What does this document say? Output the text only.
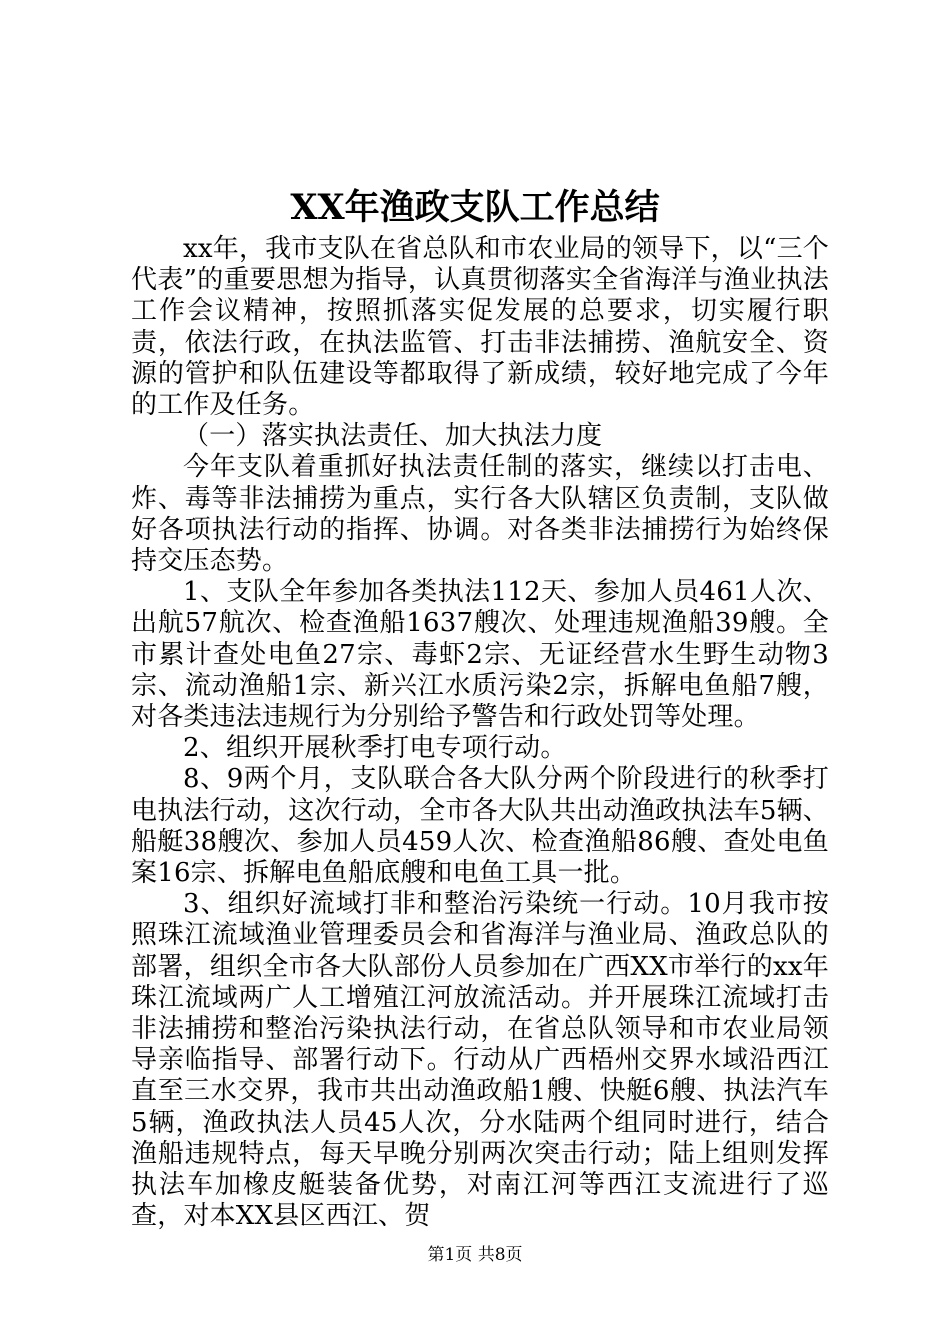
XX年渔政支队工作总结

xx年，我市支队在省总队和市农业局的领导下，以“三个代表”的重要思想为指导，认真贯彻落实全省海洋与渔业执法工作会议精神，按照抓落实促发展的总要求，切实履行职责，依法行政，在执法监管、打击非法捕捞、渔航安全、资源的管护和队伍建设等都取得了新成绩，较好地完成了今年的工作及任务。

（一）落实执法责任、加大执法力度

今年支队着重抓好执法责任制的落实，继续以打击电、炸、毒等非法捕捞为重点，实行各大队辖区负责制，支队做好各项执法行动的指挥、协调。对各类非法捕捞行为始终保持交压态势。

1、支队全年参加各类执法112天、参加人员461人次、出航57航次、检查渔船1637艘次、处理违规渔船39艘。全市累计查处电鱼27宗、毒虾2宗、无证经营水生野生动物3宗、流动渔船1宗、新兴江水质污染2宗，拆解电鱼船7艘，对各类违法违规行为分别给予警告和行政处罚等处理。

2、组织开展秋季打电专项行动。

8、9两个月，支队联合各大队分两个阶段进行的秋季打电执法行动，这次行动，全市各大队共出动渔政执法车5辆、船艇38艘次、参加人员459人次、检查渔船86艘、查处电鱼案16宗、拆解电鱼船底艘和电鱼工具一批。

3、组织好流域打非和整治污染统一行动。10月我市按照珠江流域渔业管理委员会和省海洋与渔业局、渔政总队的部署，组织全市各大队部份人员参加在广西XX市举行的xx年珠江流域两广人工增殖江河放流活动。并开展珠江流域打击非法捕捞和整治污染执法行动，在省总队领导和市农业局领导亲临指导、部署行动下。行动从广西梧州交界水域沿西江直至三水交界，我市共出动渔政船1艘、快艇6艘、执法汽车5辆，渔政执法人员45人次，分水陆两个组同时进行，结合渔船违规特点，每天早晚分别两次突击行动；陆上组则发挥执法车加橡皮艇装备优势，对南江河等西江支流进行了巡查，对本XX县区西江、贺

第1页 共8页
